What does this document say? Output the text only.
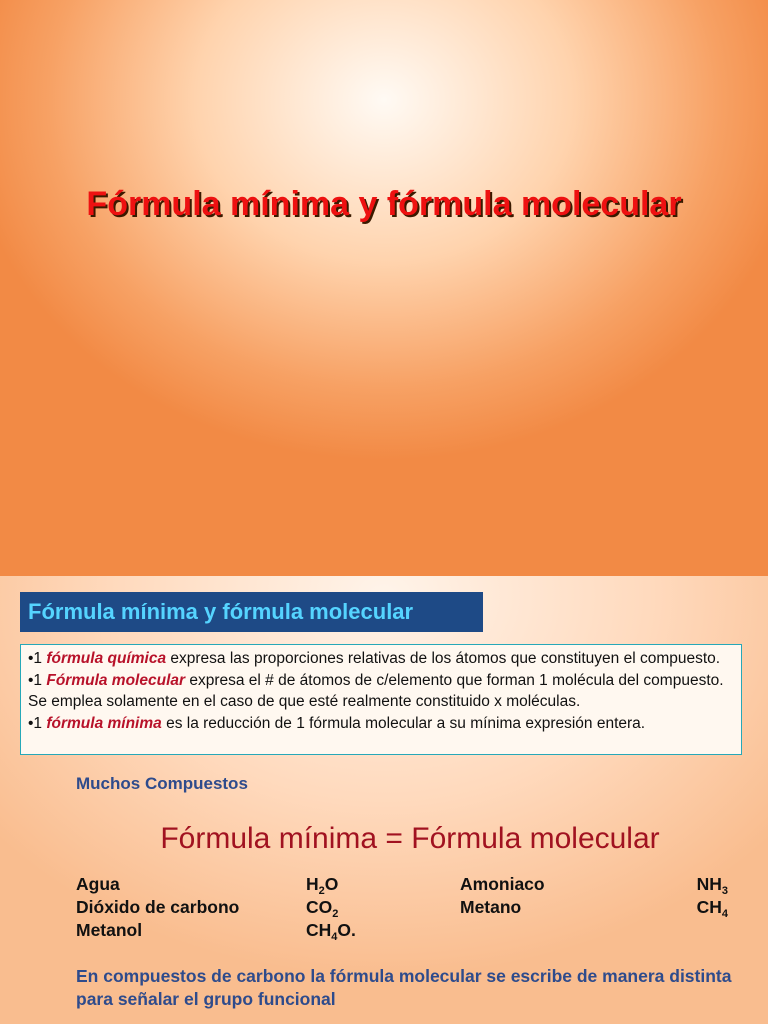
Fórmula mínima y fórmula molecular
Fórmula mínima y fórmula molecular

•1 fórmula química expresa las proporciones relativas de los átomos que constituyen el compuesto.

•1 Fórmula molecular expresa el # de átomos de c/elemento que forman 1 molécula del compuesto. Se emplea solamente en el caso de que esté realmente constituido x moléculas.

•1 fórmula mínima es la reducción de 1 fórmula molecular a su mínima expresión entera.

Muchos Compuestos

Fórmula mínima = Fórmula molecular

Agua	$H_2O$	Amoniaco	$NH_3$
Dióxido de carbono	$CO_2$	Metano	$CH_4$
Metanol	$CH_4O$.

En compuestos de carbono la fórmula molecular se escribe de manera distinta para señalar el grupo funcional
